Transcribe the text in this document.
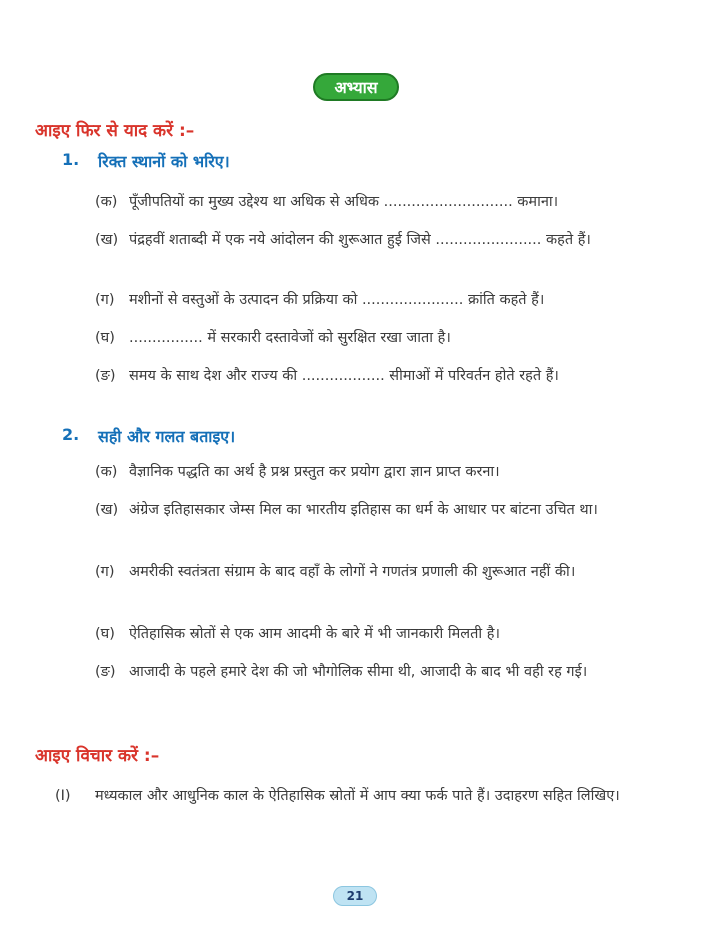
अभ्यास
आइए फिर से याद करें :–
1.	रिक्त स्थानों को भरिए।
(क) पूँजीपतियों का मुख्य उद्देश्य था अधिक से अधिक ............................ कमाना।
(ख) पंद्रहवीं शताब्दी में एक नये आंदोलन की शुरूआत हुई जिसे ....................... कहते हैं।
(ग)	मशीनों से वस्तुओं के उत्पादन की प्रक्रिया को ...................... क्रांति कहते हैं।
(घ) ................ में सरकारी दस्तावेजों को सुरक्षित रखा जाता है।
(ङ) समय के साथ देश और राज्य की .................. सीमाओं में परिवर्तन होते रहते हैं।
2.	सही और गलत बताइए।
(क) वैज्ञानिक पद्धति का अर्थ है प्रश्न प्रस्तुत कर प्रयोग द्वारा ज्ञान प्राप्त करना।
(ख) अंग्रेज इतिहासकार जेम्स मिल का भारतीय इतिहास का धर्म के आधार पर बांटना उचित था।
(ग)	अमरीकी स्वतंत्रता संग्राम के बाद वहाँ के लोगों ने गणतंत्र प्रणाली की शुरूआत नहीं की।
(घ) ऐतिहासिक स्रोतों से एक आम आदमी के बारे में भी जानकारी मिलती है।
(ङ) आजादी के पहले हमारे देश की जो भौगोलिक सीमा थी, आजादी के बाद भी वही रह गई।
आइए विचार करें :–
(I)	मध्यकाल और आधुनिक काल के ऐतिहासिक स्रोतों में आप क्या फर्क पाते हैं। उदाहरण सहित लिखिए।
21
